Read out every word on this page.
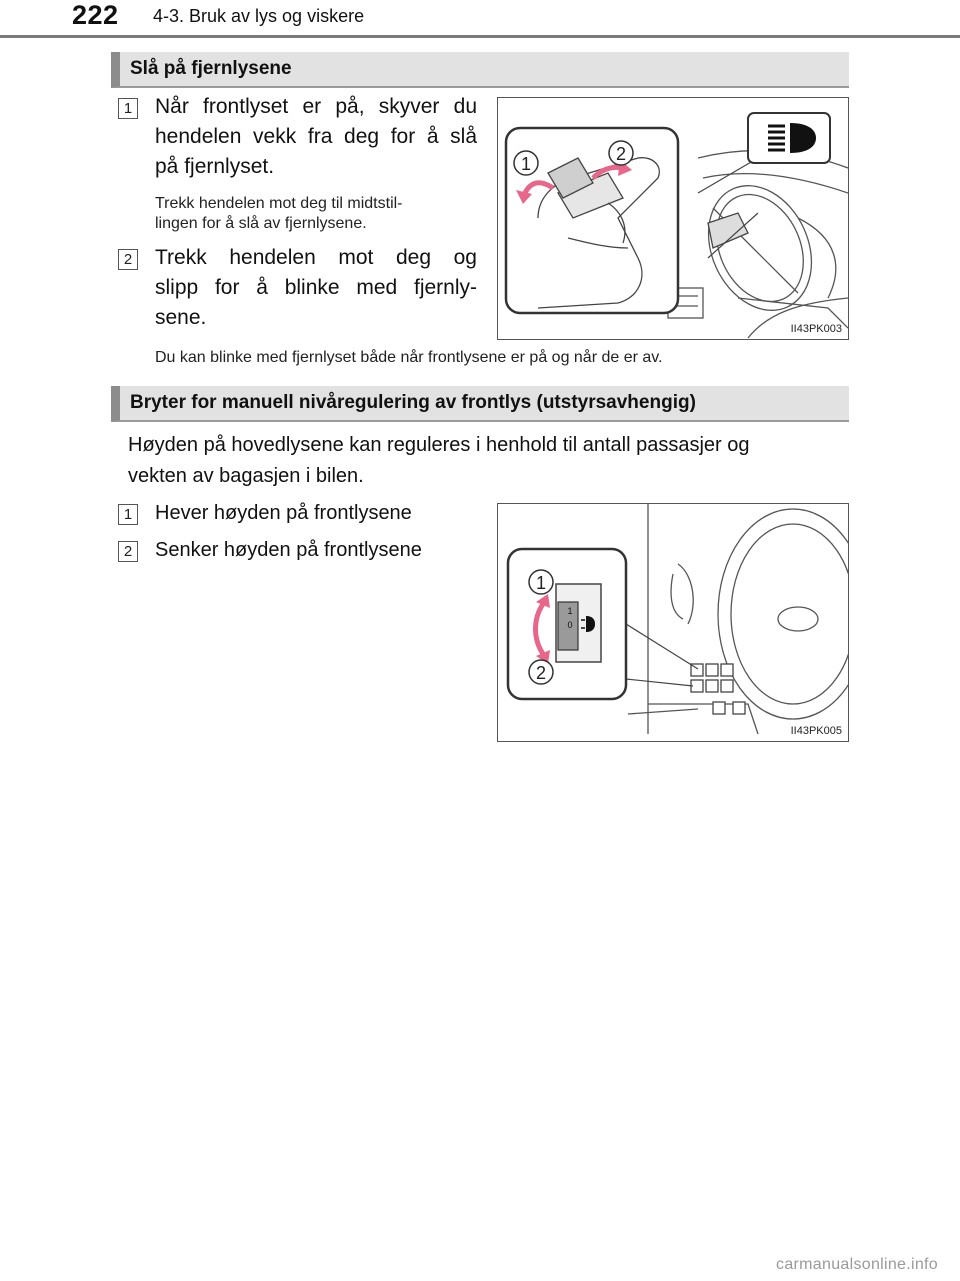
222 4-3. Bruk av lys og viskere
Slå på fjernlysene
1 Når frontlyset er på, skyver du
hendelen vekk fra deg for å slå
på fjernlyset.
Trekk hendelen mot deg til midtstil-
lingen for å slå av fjernlysene.
2 Trekk hendelen mot deg og
slipp for å blinke med fjernly-
sene.
1	2
II43PK003
Du kan blinke med fjernlyset både når frontlysene er på og når de er av.
Bryter for manuell nivåregulering av frontlys (utstyrsavhengig)
Høyden på hovedlysene kan reguleres i henhold til antall passasjer og
vekten av bagasjen i bilen.
1 Hever høyden på frontlysene
2 Senker høyden på frontlysene
1
0
1
2
II43PK005
carmanualsonline.info
